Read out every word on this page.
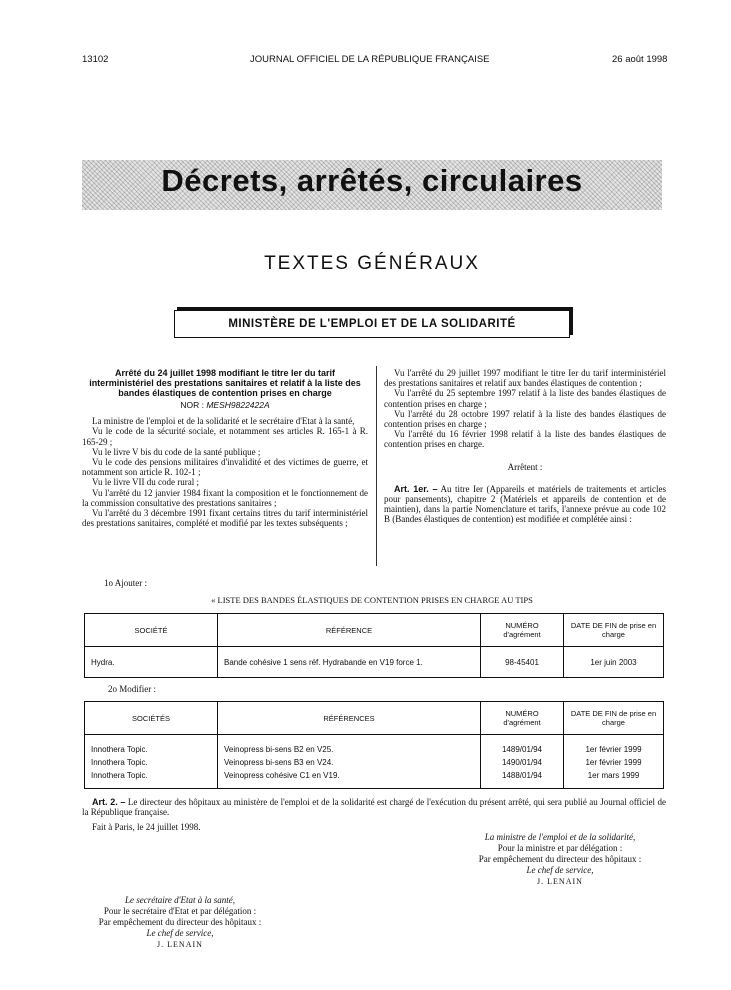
13102	JOURNAL OFFICIEL DE LA RÉPUBLIQUE FRANÇAISE	26 août 1998
Décrets, arrêtés, circulaires
TEXTES GÉNÉRAUX
MINISTÈRE DE L'EMPLOI ET DE LA SOLIDARITÉ

Arrêté du 24 juillet 1998 modifiant le titre Ier du tarif interministériel des prestations sanitaires et relatif à la liste des bandes élastiques de contention prises en charge

NOR : MESH9822422A

La ministre de l'emploi et de la solidarité et le secrétaire d'Etat à la santé,

Vu le code de la sécurité sociale, et notamment ses articles R. 165-1 à R. 165-29 ;

Vu le livre V bis du code de la santé publique ;

Vu le code des pensions militaires d'invalidité et des victimes de guerre, et notamment son article R. 102-1 ;

Vu le livre VII du code rural ;

Vu l'arrêté du 12 janvier 1984 fixant la composition et le fonctionnement de la commission consultative des prestations sanitaires ;

Vu l'arrêté du 3 décembre 1991 fixant certains titres du tarif interministériel des prestations sanitaires, complété et modifié par les textes subséquents ;

Vu l'arrêté du 29 juillet 1997 modifiant le titre Ier du tarif interministériel des prestations sanitaires et relatif aux bandes élastiques de contention ;

Vu l'arrêté du 25 septembre 1997 relatif à la liste des bandes élastiques de contention prises en charge ;

Vu l'arrêté du 28 octobre 1997 relatif à la liste des bandes élastiques de contention prises en charge ;

Vu l'arrêté du 16 février 1998 relatif à la liste des bandes élastiques de contention prises en charge.

Arrêtent :

Art. 1er. – Au titre Ier (Appareils et matériels de traitements et articles pour pansements), chapitre 2 (Matériels et appareils de contention et de maintien), dans la partie Nomenclature et tarifs, l'annexe prévue au code 102 B (Bandes élastiques de contention) est modifiée et complétée ainsi :

1o Ajouter :
« LISTE DES BANDES ÉLASTIQUES DE CONTENTION PRISES EN CHARGE AU TIPS
SOCIÉTÉ	RÉFÉRENCE	NUMÉRO d'agrément	DATE DE FIN de prise en charge
Hydra.	Bande cohésive 1 sens réf. Hydrabande en V19 force 1.	98-45401	1er juin 2003
2o Modifier :
SOCIÉTÉS	RÉFÉRENCES	NUMÉRO d'agrément	DATE DE FIN de prise en charge
Innothera Topic.	Veinopress bi-sens B2 en V25.	1489/01/94	1er février 1999
Innothera Topic.	Veinopress bi-sens B3 en V24.	1490/01/94	1er février 1999
Innothera Topic.	Veinopress cohésive C1 en V19.	1488/01/94	1er mars 1999

Art. 2. – Le directeur des hôpitaux au ministère de l'emploi et de la solidarité est chargé de l'exécution du présent arrêté, qui sera publié au Journal officiel de la République française.

Fait à Paris, le 24 juillet 1998.
La ministre de l'emploi et de la solidarité,
Pour la ministre et par délégation :
Par empêchement du directeur des hôpitaux :
Le chef de service,
J. LENAIN
Le secrétaire d'Etat à la santé,
Pour le secrétaire d'Etat et par délégation :
Par empêchement du directeur des hôpitaux :
Le chef de service,
J. LENAIN
